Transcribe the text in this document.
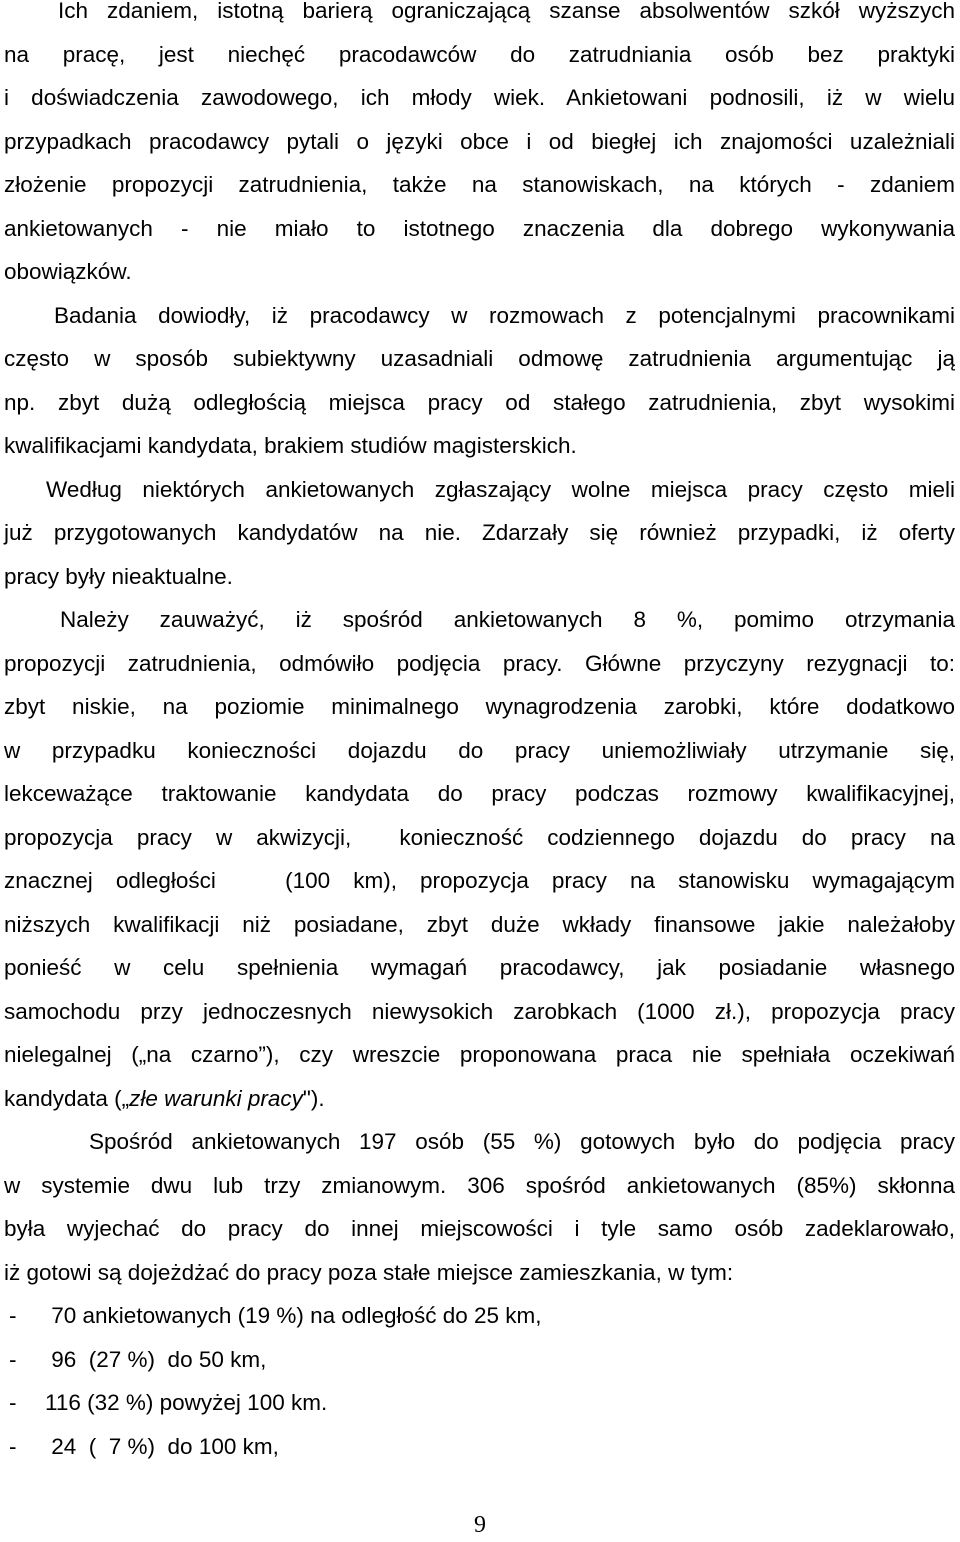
Ich zdaniem, istotną barierą ograniczającą szanse absolwentów szkół wyższych
na pracę, jest niechęć pracodawców do zatrudniania osób bez praktyki
i doświadczenia zawodowego, ich młody wiek. Ankietowani podnosili, iż w wielu
przypadkach pracodawcy pytali o języki obce i od biegłej ich znajomości uzależniali
złożenie propozycji zatrudnienia, także na stanowiskach, na których - zdaniem
ankietowanych - nie miało to istotnego znaczenia dla dobrego wykonywania
obowiązków.
Badania dowiodły, iż pracodawcy w rozmowach z potencjalnymi pracownikami
często w sposób subiektywny uzasadniali odmowę zatrudnienia argumentując ją
np. zbyt dużą odległością miejsca pracy od stałego zatrudnienia, zbyt wysokimi
kwalifikacjami kandydata, brakiem studiów magisterskich.
Według niektórych ankietowanych zgłaszający wolne miejsca pracy często mieli
już przygotowanych kandydatów na nie. Zdarzały się również przypadki, iż oferty
pracy były nieaktualne.
Należy zauważyć, iż spośród ankietowanych 8 %, pomimo otrzymania
propozycji zatrudnienia, odmówiło podjęcia pracy. Główne przyczyny rezygnacji to:
zbyt niskie, na poziomie minimalnego wynagrodzenia zarobki, które dodatkowo
w przypadku konieczności dojazdu do pracy uniemożliwiały utrzymanie się,
lekceważące traktowanie kandydata do pracy podczas rozmowy kwalifikacyjnej,
propozycja pracy w akwizycji,  konieczność codziennego dojazdu do pracy na
znacznej odległości   (100 km), propozycja pracy na stanowisku wymagającym
niższych kwalifikacji niż posiadane, zbyt duże wkłady finansowe jakie należałoby
ponieść w celu spełnienia wymagań pracodawcy, jak posiadanie własnego
samochodu przy jednoczesnych niewysokich zarobkach (1000 zł.), propozycja pracy
nielegalnej („na czarno”), czy wreszcie proponowana praca nie spełniała oczekiwań
kandydata („złe warunki pracy").
Spośród ankietowanych 197 osób (55 %) gotowych było do podjęcia pracy
w systemie dwu lub trzy zmianowym. 306 spośród ankietowanych (85%) skłonna
była wyjechać do pracy do innej miejscowości i tyle samo osób zadeklarowało,
iż gotowi są dojeżdżać do pracy poza stałe miejsce zamieszkania, w tym:
- 70 ankietowanych (19 %) na odległość do 25 km,
- 96  (27 %)  do 50 km,
- 116 (32 %) powyżej 100 km.
- 24  (  7 %)  do 100 km,
9
